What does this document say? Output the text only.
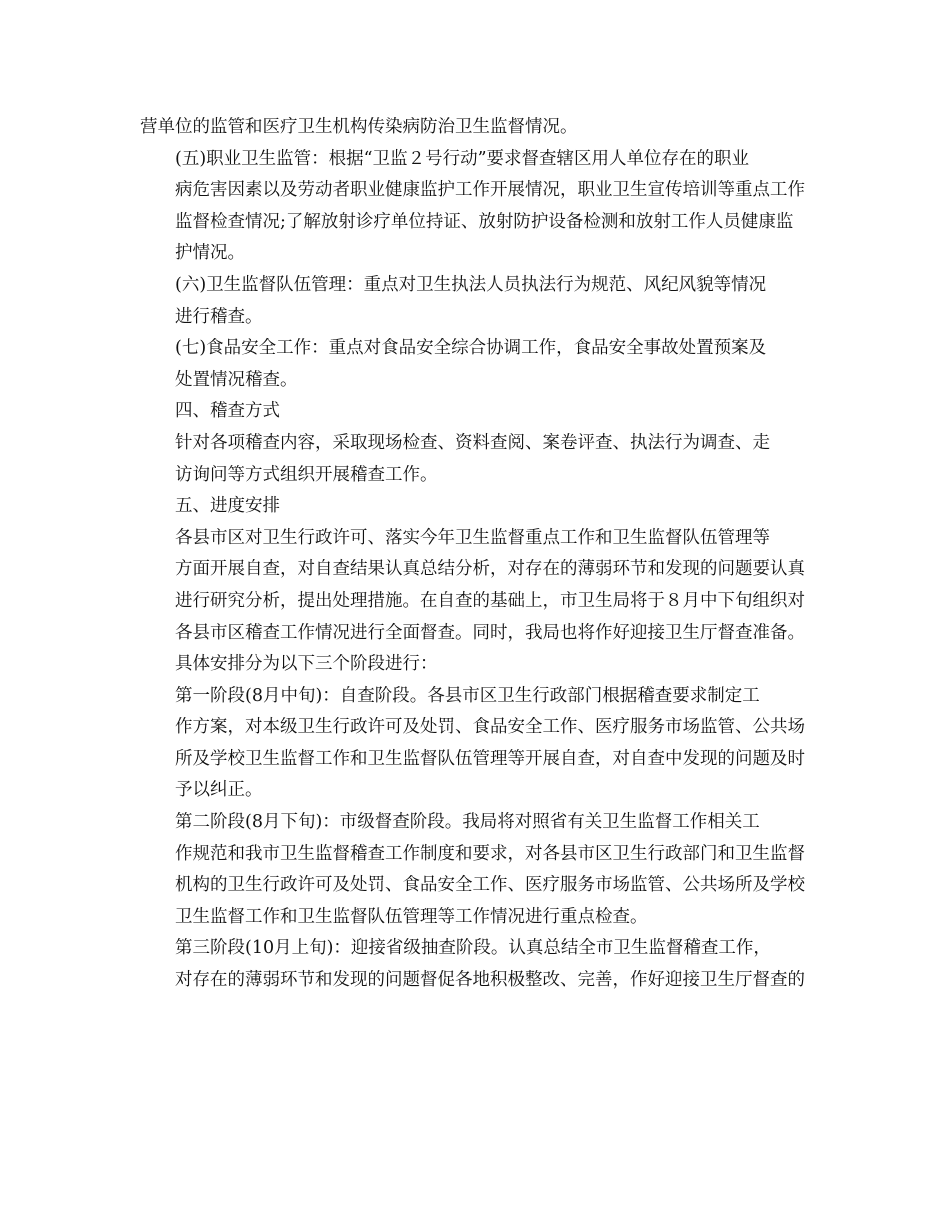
营单位的监管和医疗卫生机构传染病防治卫生监督情况。

(五)职业卫生监管：根据“卫监２号行动”要求督查辖区用人单位存在的职业
病危害因素以及劳动者职业健康监护工作开展情况，职业卫生宣传培训等重点工作
监督检查情况;了解放射诊疗单位持证、放射防护设备检测和放射工作人员健康监
护情况。

(六)卫生监督队伍管理：重点对卫生执法人员执法行为规范、风纪风貌等情况
进行稽查。

(七)食品安全工作：重点对食品安全综合协调工作，食品安全事故处置预案及
处置情况稽查。

四、稽查方式

针对各项稽查内容，采取现场检查、资料查阅、案卷评查、执法行为调查、走
访询问等方式组织开展稽查工作。

五、进度安排

各县市区对卫生行政许可、落实今年卫生监督重点工作和卫生监督队伍管理等
方面开展自查，对自查结果认真总结分析，对存在的薄弱环节和发现的问题要认真
进行研究分析，提出处理措施。在自查的基础上，市卫生局将于８月中下旬组织对
各县市区稽查工作情况进行全面督查。同时，我局也将作好迎接卫生厅督查准备。
具体安排分为以下三个阶段进行：

第一阶段(8月中旬)：自查阶段。各县市区卫生行政部门根据稽查要求制定工
作方案，对本级卫生行政许可及处罚、食品安全工作、医疗服务市场监管、公共场
所及学校卫生监督工作和卫生监督队伍管理等开展自查，对自查中发现的问题及时
予以纠正。

第二阶段(8月下旬)：市级督查阶段。我局将对照省有关卫生监督工作相关工
作规范和我市卫生监督稽查工作制度和要求，对各县市区卫生行政部门和卫生监督
机构的卫生行政许可及处罚、食品安全工作、医疗服务市场监管、公共场所及学校
卫生监督工作和卫生监督队伍管理等工作情况进行重点检查。

第三阶段(10月上旬)：迎接省级抽查阶段。认真总结全市卫生监督稽查工作，
对存在的薄弱环节和发现的问题督促各地积极整改、完善，作好迎接卫生厅督查的
